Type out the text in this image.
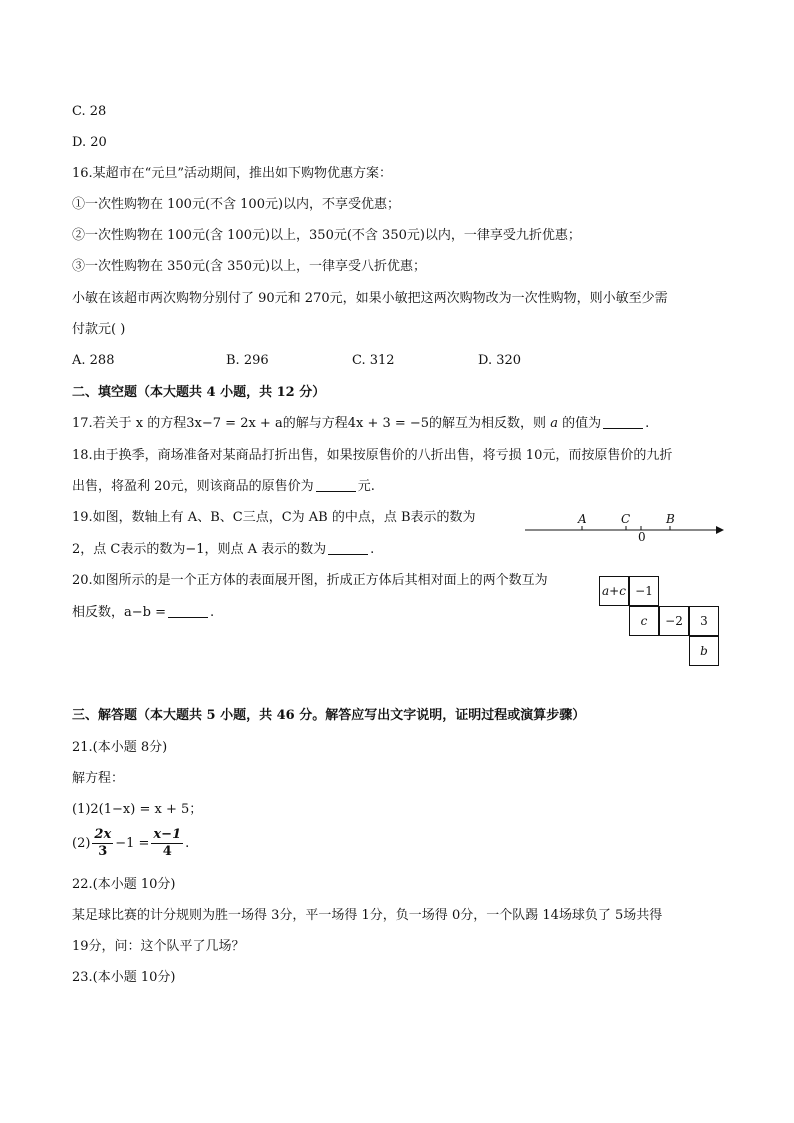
C. 28
D. 20
16.某超市在“元旦”活动期间，推出如下购物优惠方案：
①一次性购物在 100元(不含 100元)以内，不享受优惠；
②一次性购物在 100元(含 100元)以上，350元(不含 350元)以内，一律享受九折优惠；
③一次性购物在 350元(含 350元)以上，一律享受八折优惠；
小敏在该超市两次购物分别付了 90元和 270元，如果小敏把这两次购物改为一次性购物，则小敏至少需
付款元( )
A. 288	B. 296	C. 312	D. 320
二、填空题（本大题共 4 小题，共 12 分）
17.若关于 x 的方程3x−7 = 2x + a的解与方程4x + 3 = −5的解互为相反数，则 a 的值为	.
18.由于换季，商场准备对某商品打折出售，如果按原售价的八折出售，将亏损 10元，而按原售价的九折
出售，将盈利 20元，则该商品的原售价为	元.
19.如图，数轴上有 A、B、C三点，C为 AB 的中点，点 B表示的数为
2，点 C表示的数为−1，则点 A 表示的数为	.
A	C	B
0
20.如图所示的是一个正方体的表面展开图，折成正方体后其相对面上的两个数互为
相反数，a−b =	.
a+c −1
c −2 3
b
三、解答题（本大题共 5 小题，共 46 分。解答应写出文字说明，证明过程或演算步骤）
21.(本小题 8分)
解方程：
(1)2(1−x) = x + 5；
$(2) \frac{2x}{3} -1 = \frac{x-1}{4}$ .
22.(本小题 10分)
某足球比赛的计分规则为胜一场得 3分，平一场得 1分，负一场得 0分，一个队踢 14场球负了 5场共得
19分，问：这个队平了几场？
23.(本小题 10分)
